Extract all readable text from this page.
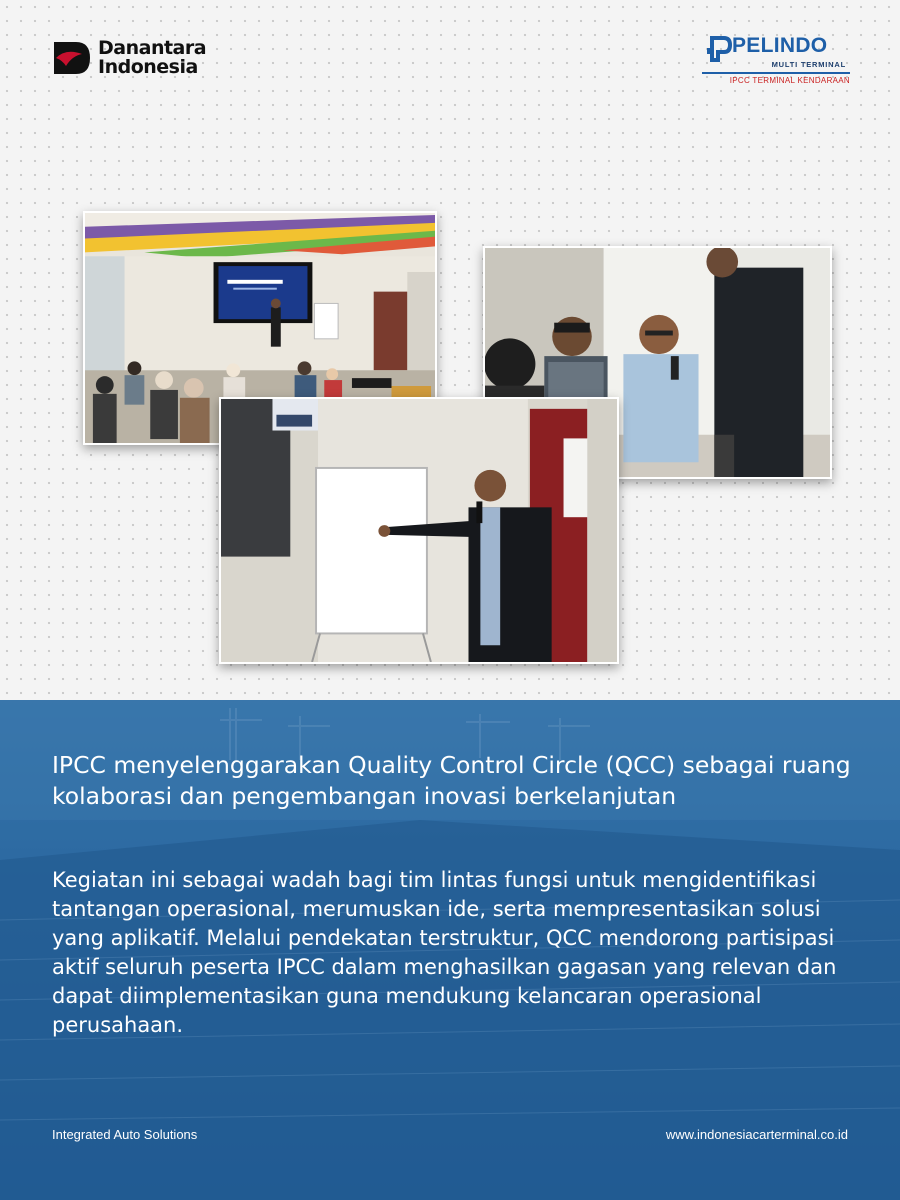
Danantara
Indonesia
PELINDO
MULTI TERMINAL
IPCC TERMINAL KENDARAAN
IPCC menyelenggarakan Quality Control Circle (QCC) sebagai ruang kolaborasi dan pengembangan inovasi berkelanjutan
Kegiatan ini sebagai wadah bagi tim lintas fungsi untuk mengidentifikasi tantangan operasional, merumuskan ide, serta mempresentasikan solusi yang aplikatif. Melalui pendekatan terstruktur, QCC mendorong partisipasi aktif seluruh peserta IPCC dalam menghasilkan gagasan yang relevan dan dapat diimplementasikan guna mendukung kelancaran operasional perusahaan.
Integrated Auto Solutions	www.indonesiacarterminal.co.id
